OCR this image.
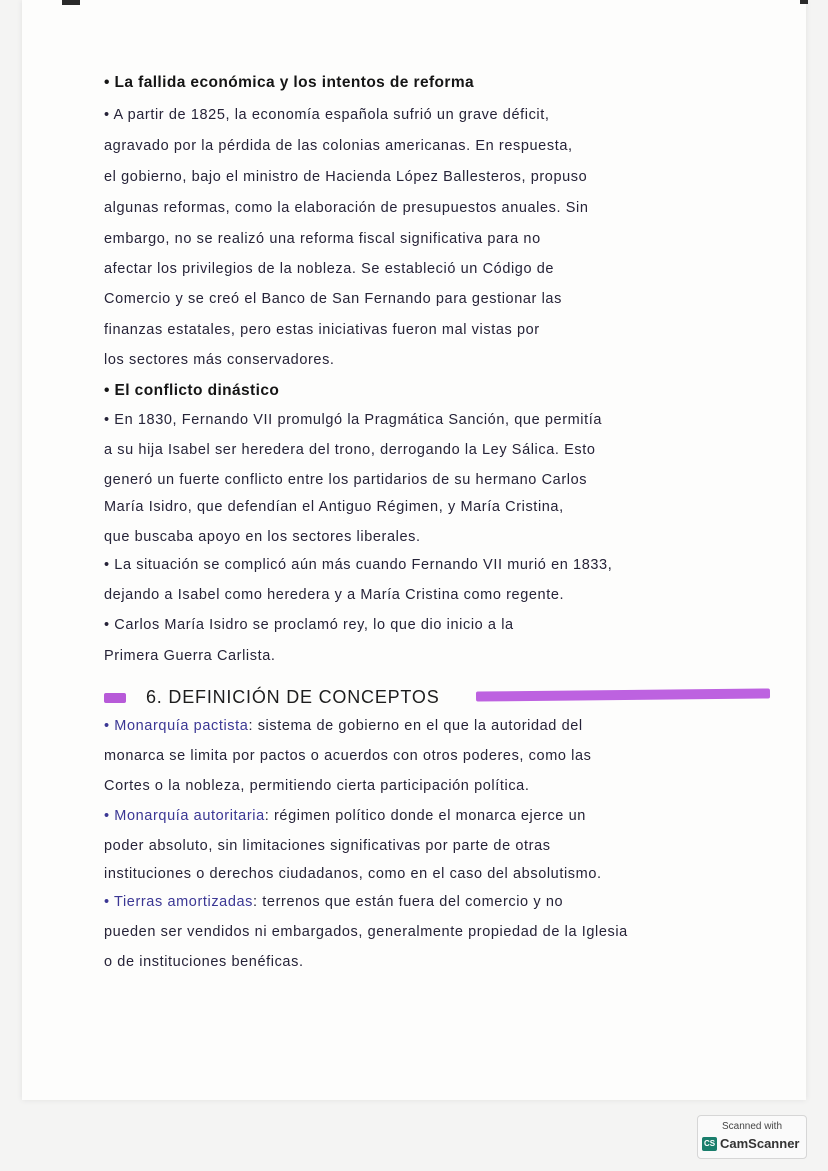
• La fallida económica y los intentos de reforma
• A partir de 1825, la economía española sufrió un grave déficit,
agravado por la pérdida de las colonias americanas. En respuesta,
el gobierno, bajo el ministro de Hacienda López Ballesteros, propuso
algunas reformas, como la elaboración de presupuestos anuales. Sin
embargo, no se realizó una reforma fiscal significativa para no
afectar los privilegios de la nobleza. Se estableció un Código de
Comercio y se creó el Banco de San Fernando para gestionar las
finanzas estatales, pero estas iniciativas fueron mal vistas por
los sectores más conservadores.
• El conflicto dinástico
• En 1830, Fernando VII promulgó la Pragmática Sanción, que permitía
a su hija Isabel ser heredera del trono, derrogando la Ley Sálica. Esto
generó un fuerte conflicto entre los partidarios de su hermano Carlos
María Isidro, que defendían el Antiguo Régimen, y María Cristina,
que buscaba apoyo en los sectores liberales.
• La situación se complicó aún más cuando Fernando VII murió en 1833,
dejando a Isabel como heredera y a María Cristina como regente.
• Carlos María Isidro se proclamó rey, lo que dio inicio a la
Primera Guerra Carlista.
6. DEFINICIÓN DE CONCEPTOS
• Monarquía pactista: sistema de gobierno en el que la autoridad del
monarca se limita por pactos o acuerdos con otros poderes, como las
Cortes o la nobleza, permitiendo cierta participación política.
• Monarquía autoritaria: régimen político donde el monarca ejerce un
poder absoluto, sin limitaciones significativas por parte de otras
instituciones o derechos ciudadanos, como en el caso del absolutismo.
• Tierras amortizadas: terrenos que están fuera del comercio y no
pueden ser vendidos ni embargados, generalmente propiedad de la Iglesia
o de instituciones benéficas.
Scanned with
CS CamScanner
